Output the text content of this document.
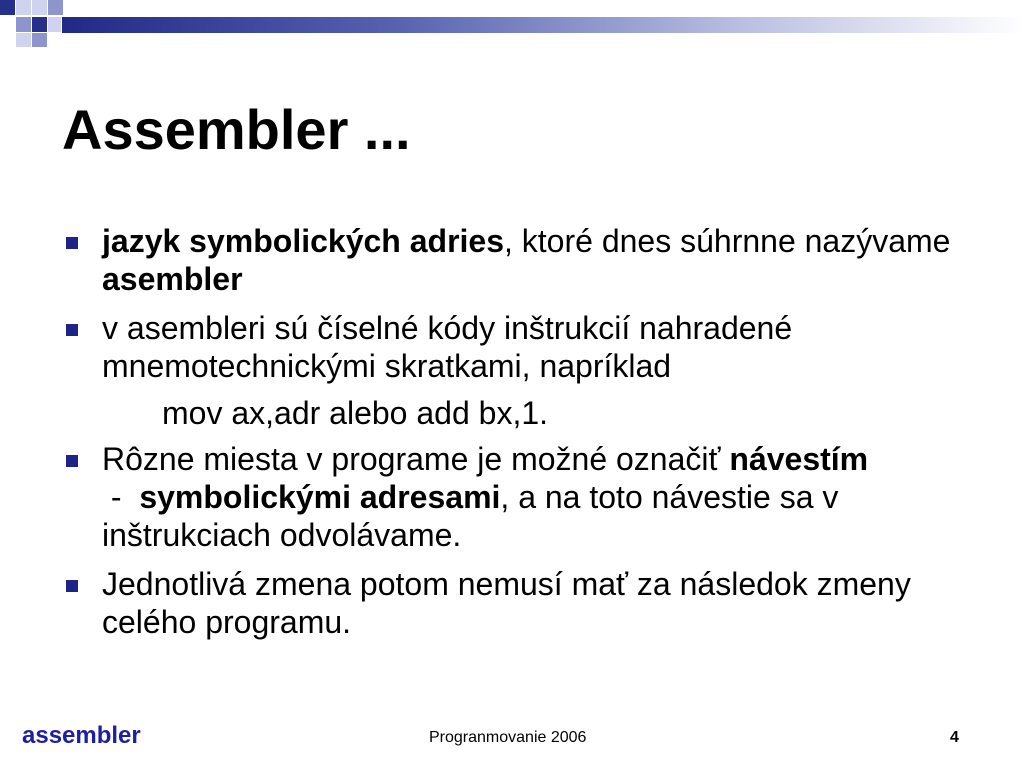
Assembler ...
jazyk symbolických adries, ktoré dnes súhrnne nazývame asembler
v asembleri sú číselné kódy inštrukcií nahradené mnemotechnickými skratkami, napríklad
mov ax,adr alebo add bx,1.
Rôzne miesta v programe je možné označiť návestím -  symbolickými adresami, a na toto návestie sa v inštrukciach odvolávame.
Jednotlivá zmena potom nemusí mať za následok zmeny celého programu.
assembler	Progranmovanie 2006	4
